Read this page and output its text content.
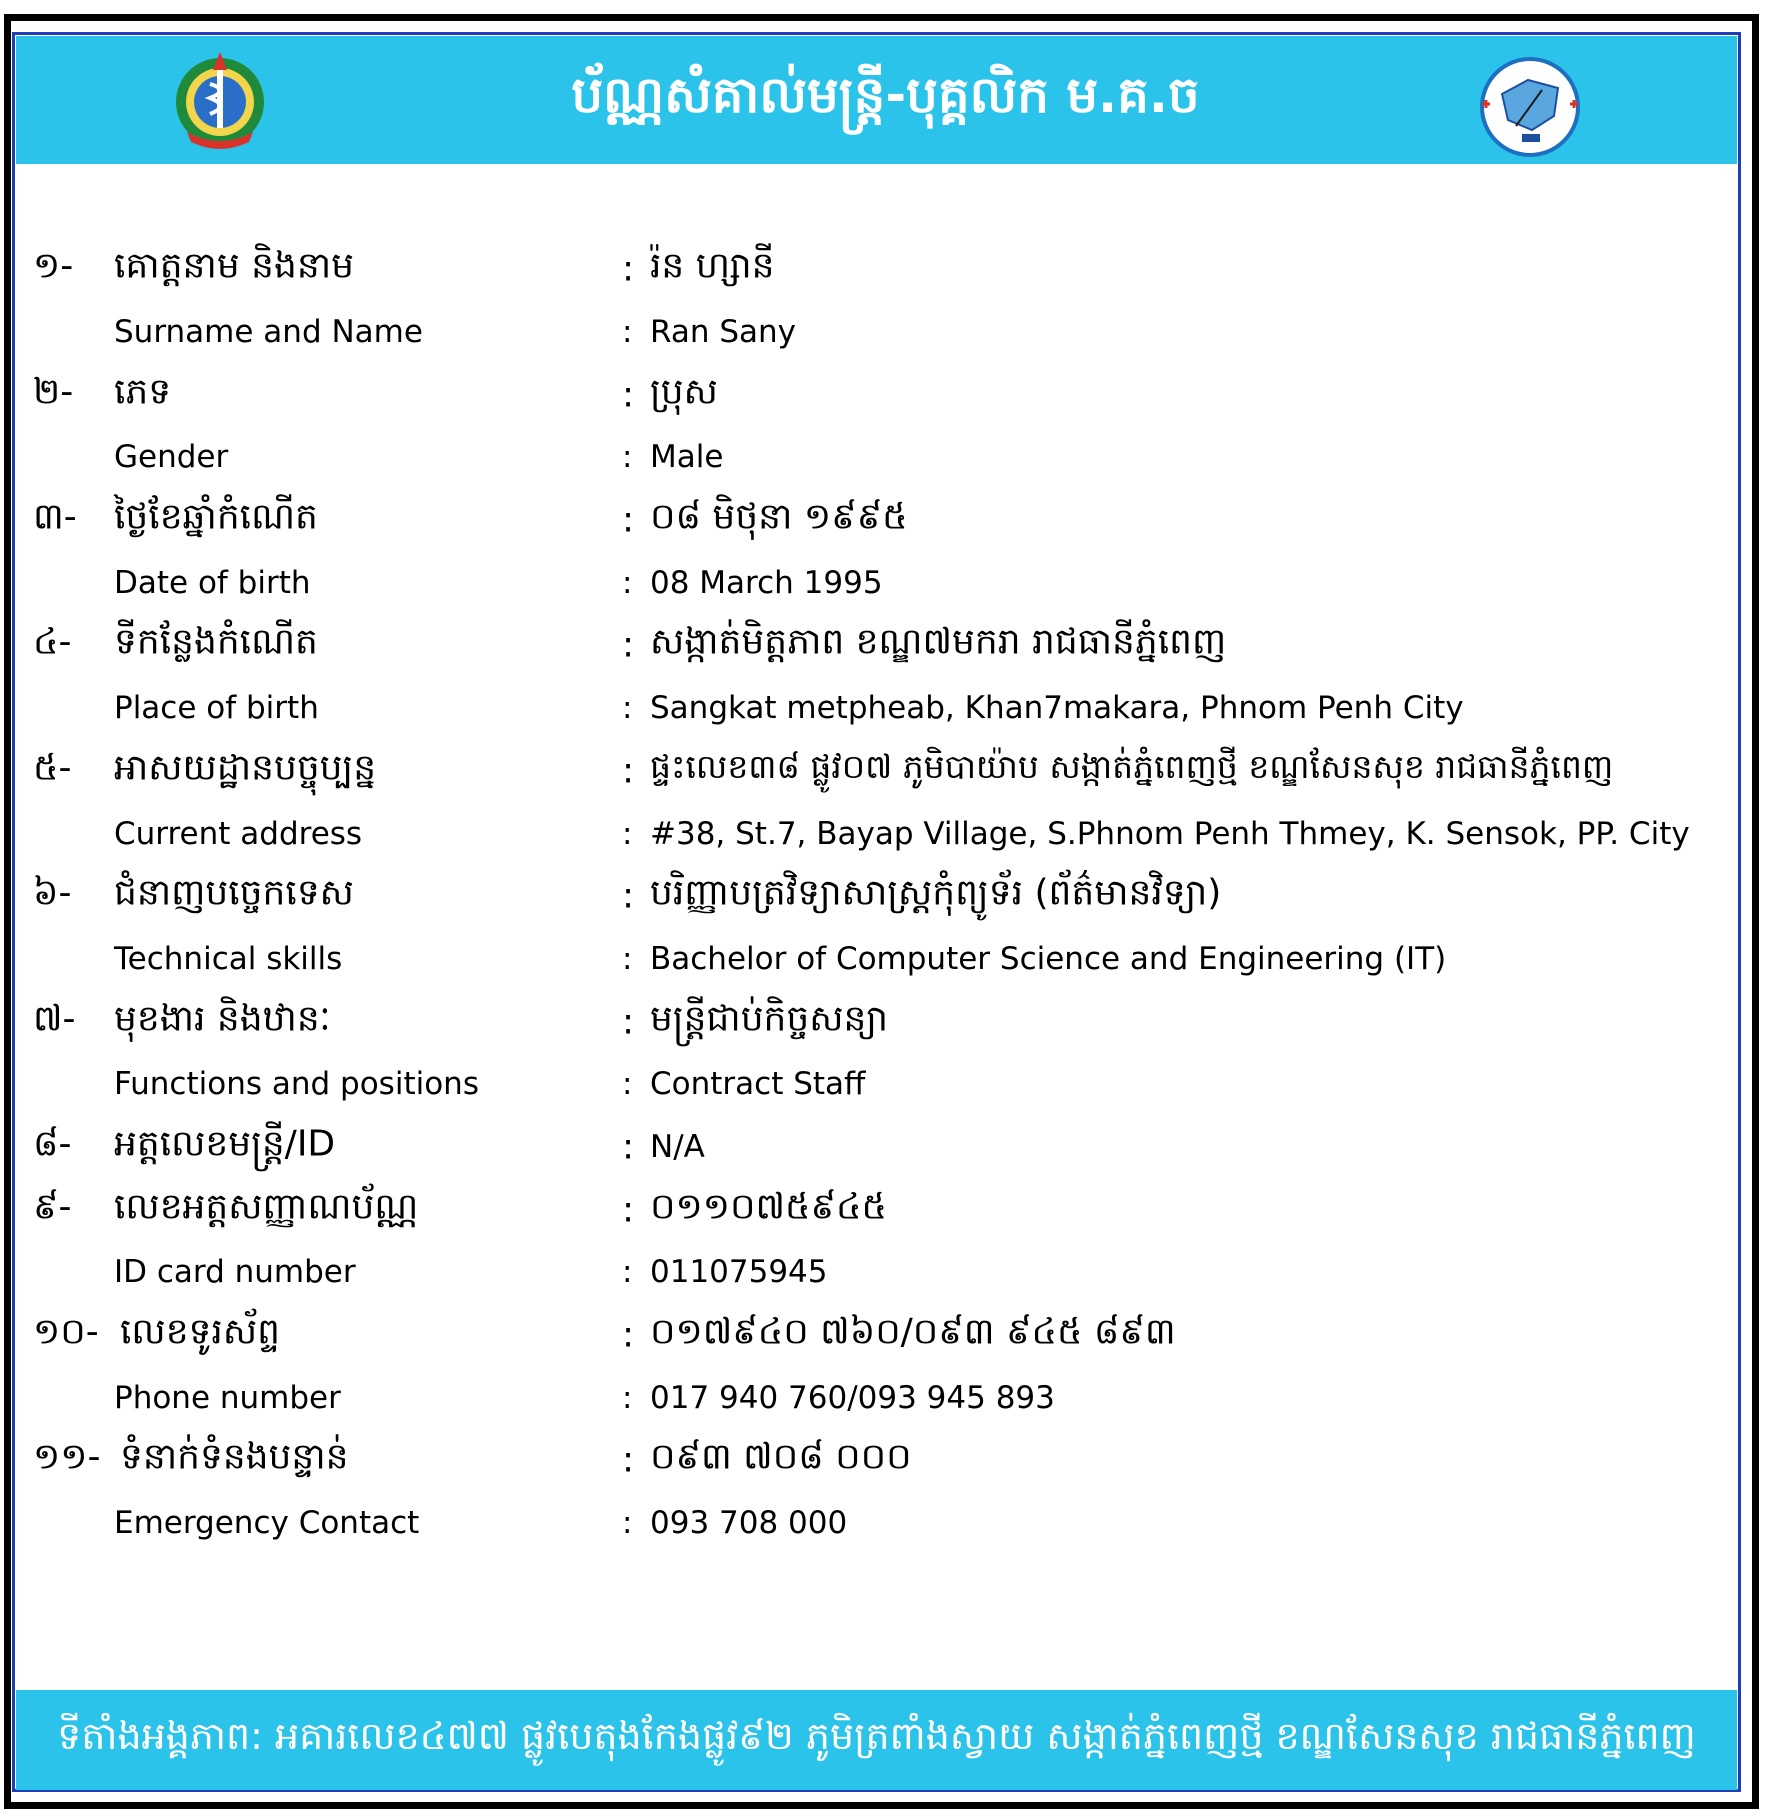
ប័ណ្ណសំគាល់មន្ត្រី-បុគ្គលិក ម.គ.ច
១- គោត្តនាម និងនាម	: រ៉ន ហ្សានី
Surname and Name	: Ran Sany
២- ភេទ	: ប្រុស
Gender	: Male
៣- ថ្ងៃខែឆ្នាំកំណើត	: ០៨ មិថុនា ១៩៩៥
Date of birth	: 08 March 1995
៤- ទីកន្លែងកំណើត	: សង្កាត់មិត្តភាព ខណ្ឌ៧មករា រាជធានីភ្នំពេញ
Place of birth	: Sangkat metpheab, Khan7makara, Phnom Penh City
៥- អាសយដ្ឋានបច្ចុប្បន្ន	: ផ្ទះលេខ៣៨ ផ្លូវ០៧ ភូមិបាយ៉ាប សង្កាត់ភ្នំពេញថ្មី ខណ្ឌសែនសុខ រាជធានីភ្នំពេញ
Current address	: #38, St.7, Bayap Village, S.Phnom Penh Thmey, K. Sensok, PP. City
៦- ជំនាញបច្ចេកទេស	: បរិញ្ញាបត្រវិទ្យាសាស្ត្រកុំព្យូទ័រ (ព័ត៌មានវិទ្យា)
Technical skills	: Bachelor of Computer Science and Engineering (IT)
៧- មុខងារ និងឋានៈ	: មន្ត្រីជាប់កិច្ចសន្យា
Functions and positions	: Contract Staff
៨- អត្តលេខមន្ត្រី/ID	: N/A
៩- លេខអត្តសញ្ញាណប័ណ្ណ	: ០១១០៧៥៩៤៥
ID card number	: 011075945
១០- លេខទូរស័ព្ទ	: ០១៧៩៤០ ៧៦០/០៩៣ ៩៤៥ ៨៩៣
Phone number	: 017 940 760/093 945 893
១១- ទំនាក់ទំនងបន្ទាន់	: ០៩៣ ៧០៨ ០០០
Emergency Contact	: 093 708 000
ទីតាំងអង្គភាព: អគារលេខ៤៧៧ ផ្លូវបេតុងកែងផ្លូវ៩២ ភូមិត្រពាំងស្វាយ សង្កាត់ភ្នំពេញថ្មី ខណ្ឌសែនសុខ រាជធានីភ្នំពេញ
